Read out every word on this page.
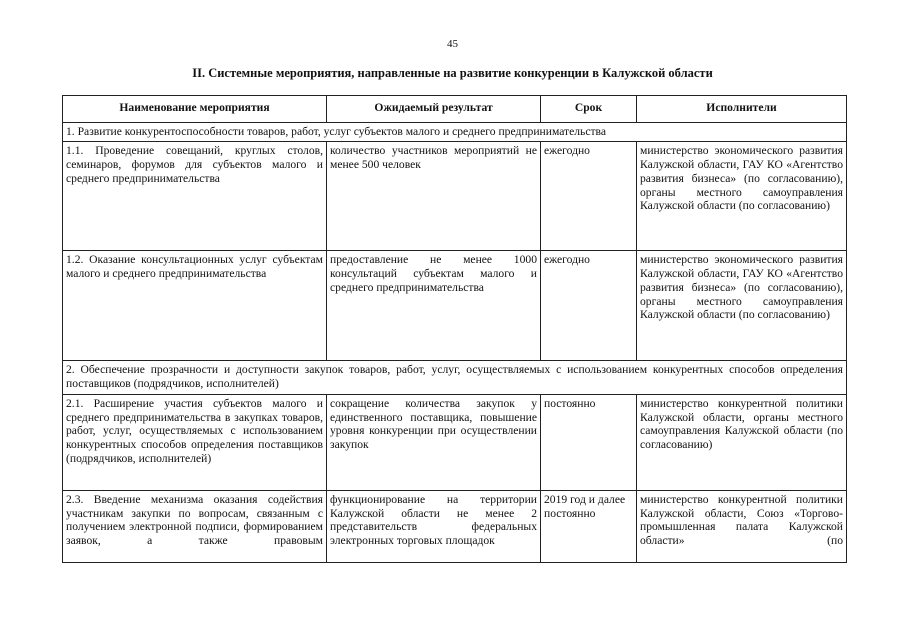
45
II. Системные мероприятия, направленные на развитие конкуренции в Калужской области
Наименование мероприятия	Ожидаемый результат	Срок	Исполнители
1. Развитие конкурентоспособности товаров, работ, услуг субъектов малого и среднего предпринимательства			
1.1. Проведение совещаний, круглых столов, семинаров, форумов для субъектов малого и среднего предпринимательства	количество участников мероприятий не менее 500 человек	ежегодно	министерство экономического развития Калужской области, ГАУ КО «Агентство развития бизнеса» (по согласованию), органы местного самоуправления Калужской области (по согласованию)
1.2. Оказание консультационных услуг субъектам малого и среднего предпринимательства	предоставление не менее 1000 консультаций субъектам малого и среднего предпринимательства	ежегодно	министерство экономического развития Калужской области, ГАУ КО «Агентство развития бизнеса» (по согласованию), органы местного самоуправления Калужской области (по согласованию)
2. Обеспечение прозрачности и доступности закупок товаров, работ, услуг, осуществляемых с использованием конкурентных способов определения поставщиков (подрядчиков, исполнителей)			
2.1. Расширение участия субъектов малого и среднего предпринимательства в закупках товаров, работ, услуг, осуществляемых с использованием конкурентных способов определения поставщиков (подрядчиков, исполнителей)	сокращение количества закупок у единственного поставщика, повышение уровня конкуренции при осуществлении закупок	постоянно	министерство конкурентной политики Калужской области, органы местного самоуправления Калужской области (по согласованию)
2.3. Введение механизма оказания содействия участникам закупки по вопросам, связанным с получением электронной подписи, формированием заявок, а также правовым	функционирование на территории Калужской области не менее 2 представительств федеральных электронных торговых площадок	2019 год и далее постоянно	министерство конкурентной политики Калужской области, Союз «Торгово-промышленная палата Калужской области» (по
